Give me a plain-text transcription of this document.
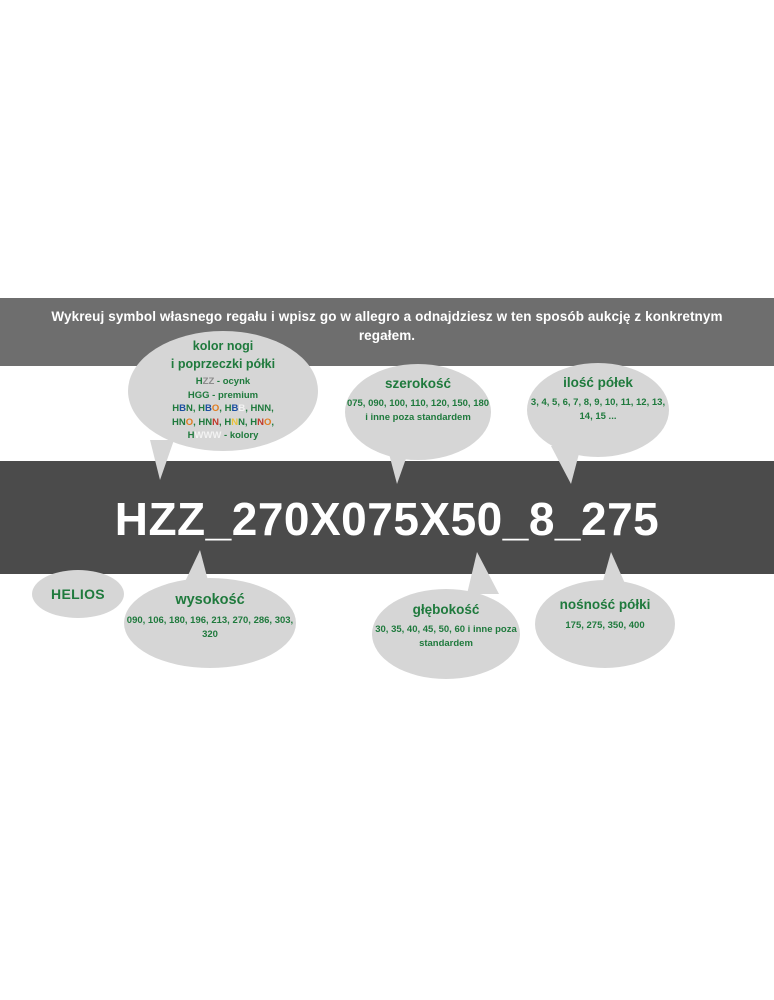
Wykreuj symbol własnego regału i wpisz go w allegro a odnajdziesz w ten sposób aukcję z konkretnym regałem.
HZZ_270X075X50_8_275
kolor nogi
i poprzeczki półki
HZZ - ocynk
HGG - premium
HBN, HBO, HBB, HNN,
HNO, HNN, HNN, HNO,
HWWW - kolory
szerokość
075, 090, 100, 110, 120, 150, 180 i inne poza standardem
ilość półek
3, 4, 5, 6, 7, 8, 9, 10, 11, 12, 13, 14, 15 ...
HELIOS	wysokość
090, 106, 180, 196, 213, 270, 286, 303, 320
głębokość
30, 35, 40, 45, 50, 60 i inne poza standardem
nośność półki
175, 275, 350, 400
